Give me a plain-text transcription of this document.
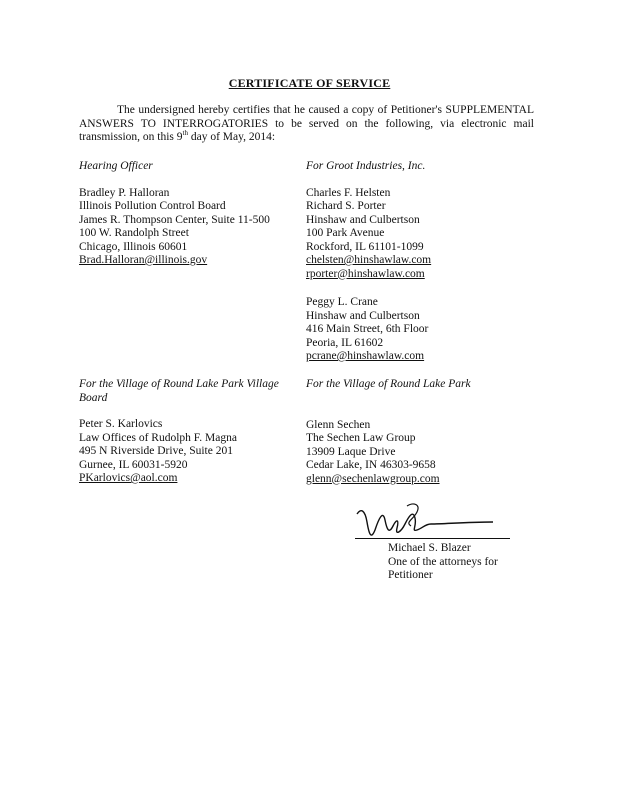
CERTIFICATE OF SERVICE
The undersigned hereby certifies that he caused a copy of Petitioner's SUPPLEMENTAL ANSWERS TO INTERROGATORIES to be served on the following, via electronic mail transmission, on this 9th day of May, 2014:
Hearing Officer
Bradley P. Halloran
Illinois Pollution Control Board
James R. Thompson Center, Suite 11-500
100 W. Randolph Street
Chicago, Illinois 60601
Brad.Halloran@illinois.gov
For Groot Industries, Inc.
Charles F. Helsten
Richard S. Porter
Hinshaw and Culbertson
100 Park Avenue
Rockford, IL 61101-1099
chelsten@hinshawlaw.com
rporter@hinshawlaw.com
Peggy L. Crane
Hinshaw and Culbertson
416 Main Street, 6th Floor
Peoria, IL 61602
pcrane@hinshawlaw.com
For the Village of Round Lake Park Village Board
Peter S. Karlovics
Law Offices of Rudolph F. Magna
495 N Riverside Drive, Suite 201
Gurnee, IL 60031-5920
PKarlovics@aol.com
For the Village of Round Lake Park
Glenn Sechen
The Sechen Law Group
13909 Laque Drive
Cedar Lake, IN 46303-9658
glenn@sechenlawgroup.com
Michael S. Blazer
One of the attorneys for
Petitioner
